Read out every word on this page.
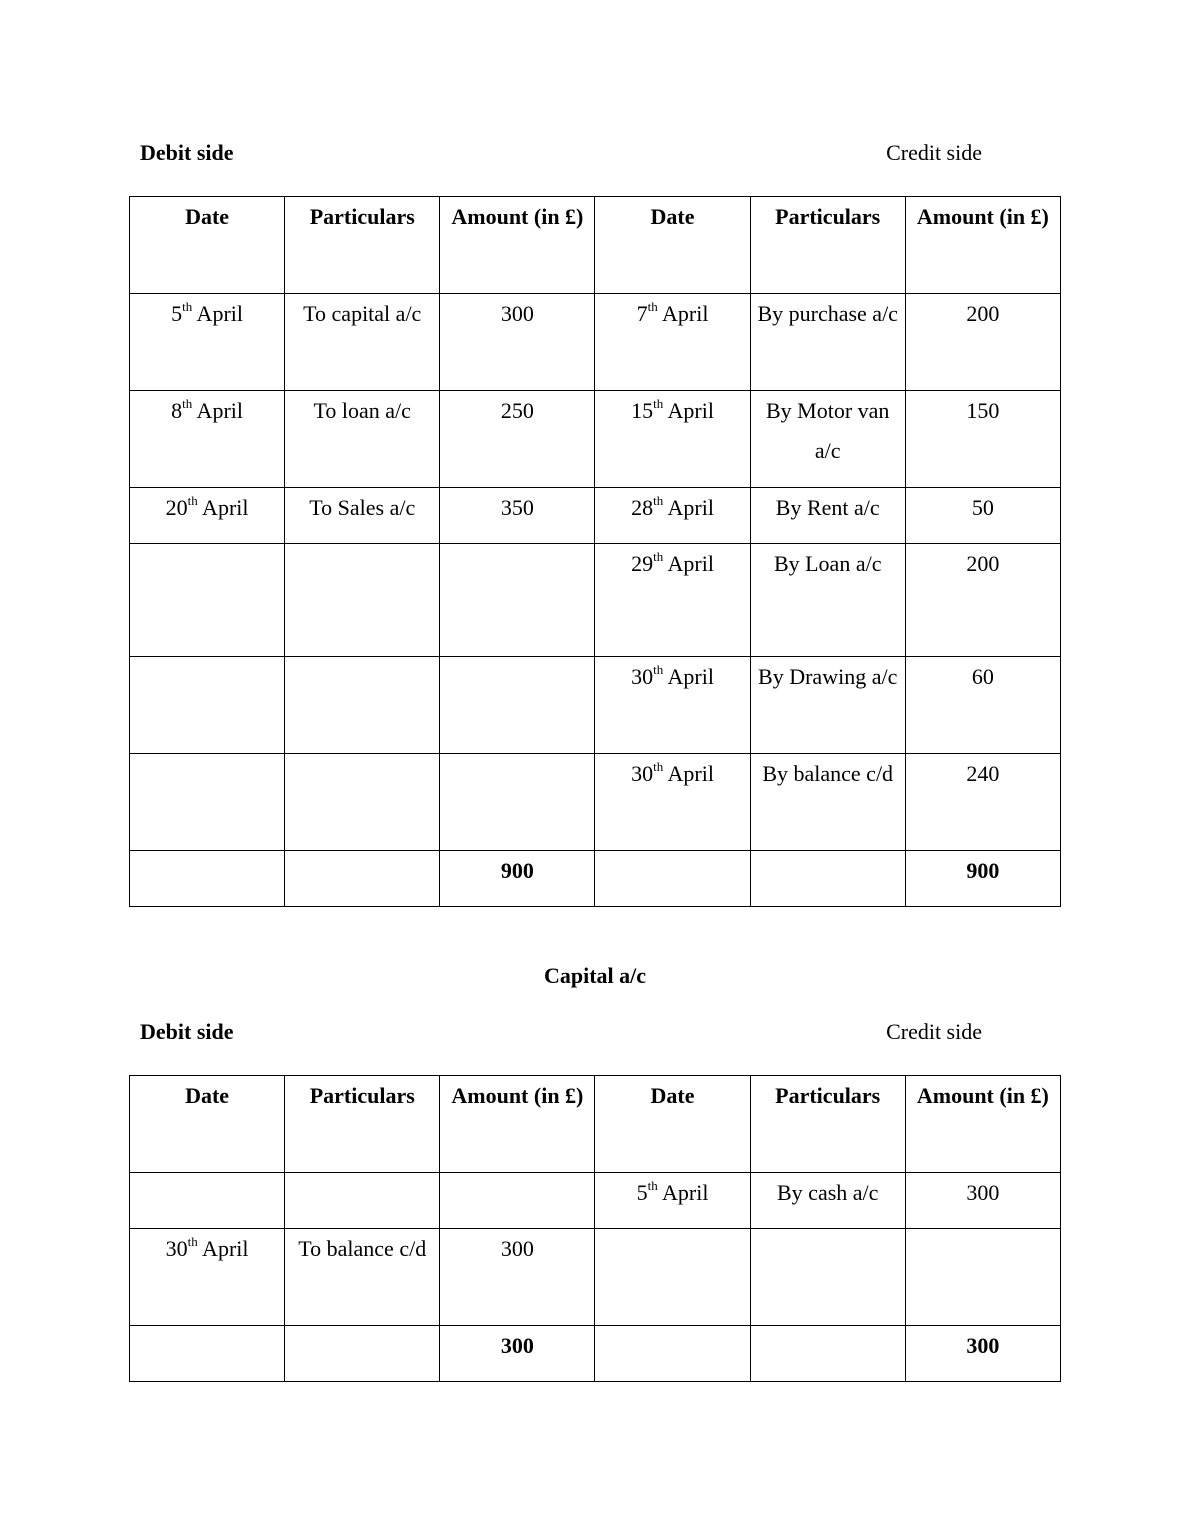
Debit side	Credit side
Date	Particulars	Amount (in £)	Date	Particulars	Amount (in £)
5th April	To capital a/c	300	7th April	By purchase a/c	200
8th April	To loan a/c	250	15th April	By Motor van a/c	150
20th April	To Sales a/c	350	28th April	By Rent a/c	50
			29th April	By Loan a/c	200
			30th April	By Drawing a/c	60
			30th April	By balance c/d	240
		900			900
Capital a/c
Debit side	Credit side
Date	Particulars	Amount (in £)	Date	Particulars	Amount (in £)
			5th April	By cash a/c	300
30th April	To balance c/d	300			
		300			300
